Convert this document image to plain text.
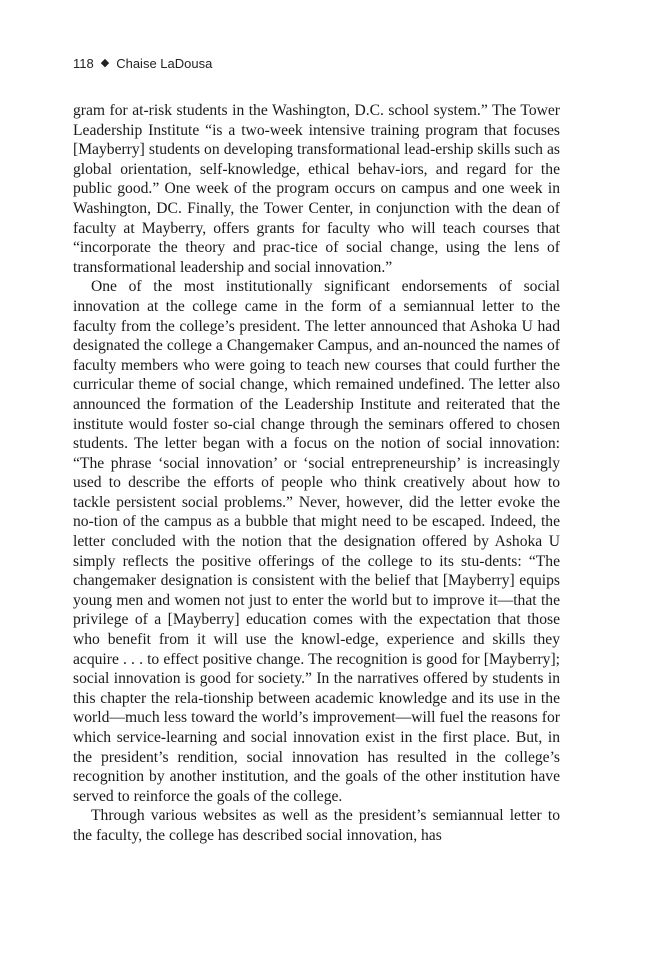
118 ◆ Chaise LaDousa

gram for at-risk students in the Washington, D.C. school system.” The Tower Leadership Institute “is a two-week intensive training program that focuses [Mayberry] students on developing transformational lead-ership skills such as global orientation, self-knowledge, ethical behav-iors, and regard for the public good.” One week of the program occurs on campus and one week in Washington, DC. Finally, the Tower Center, in conjunction with the dean of faculty at Mayberry, offers grants for faculty who will teach courses that “incorporate the theory and prac-tice of social change, using the lens of transformational leadership and social innovation.”

One of the most institutionally significant endorsements of social innovation at the college came in the form of a semiannual letter to the faculty from the college’s president. The letter announced that Ashoka U had designated the college a Changemaker Campus, and an-nounced the names of faculty members who were going to teach new courses that could further the curricular theme of social change, which remained undefined. The letter also announced the formation of the Leadership Institute and reiterated that the institute would foster so-cial change through the seminars offered to chosen students. The letter began with a focus on the notion of social innovation: “The phrase ‘social innovation’ or ‘social entrepreneurship’ is increasingly used to describe the efforts of people who think creatively about how to tackle persistent social problems.” Never, however, did the letter evoke the no-tion of the campus as a bubble that might need to be escaped. Indeed, the letter concluded with the notion that the designation offered by Ashoka U simply reflects the positive offerings of the college to its stu-dents: “The changemaker designation is consistent with the belief that [Mayberry] equips young men and women not just to enter the world but to improve it—that the privilege of a [Mayberry] education comes with the expectation that those who benefit from it will use the knowl-edge, experience and skills they acquire . . . to effect positive change. The recognition is good for [Mayberry]; social innovation is good for society.” In the narratives offered by students in this chapter the rela-tionship between academic knowledge and its use in the world—much less toward the world’s improvement—will fuel the reasons for which service-learning and social innovation exist in the first place. But, in the president’s rendition, social innovation has resulted in the college’s recognition by another institution, and the goals of the other institution have served to reinforce the goals of the college.

Through various websites as well as the president’s semiannual letter to the faculty, the college has described social innovation, has
